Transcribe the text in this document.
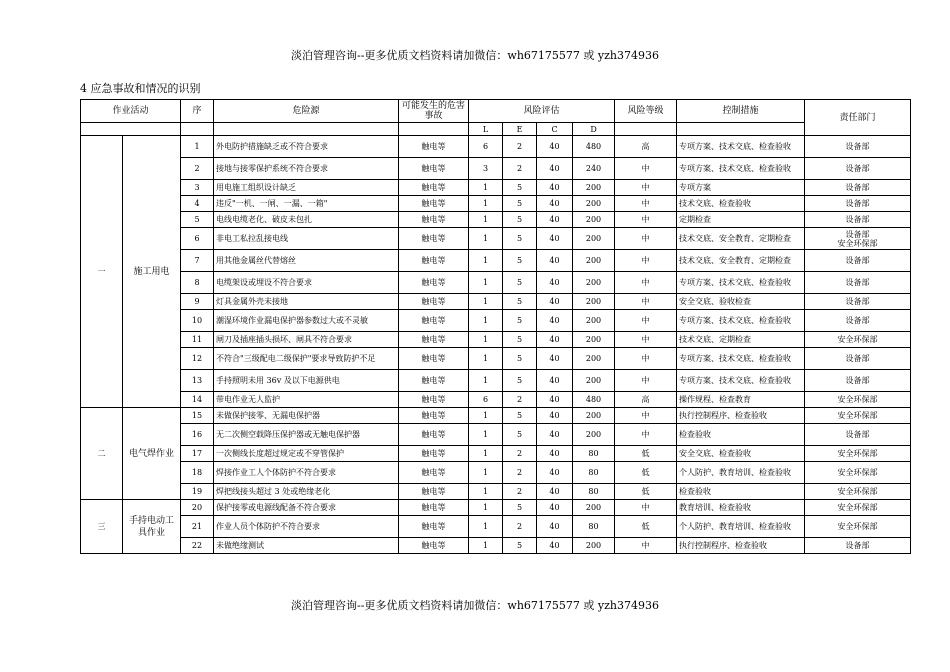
淡泊管理咨询--更多优质文档资料请加微信：wh67175577 或 yzh374936
4 应急事故和情况的识别
作业活动		序	危险源	可能发生的危害事故	风险评估				风险等级	控制措施	责任部门
					L	E	C	D			
一	施工用电	1	外电防护措施缺乏或不符合要求	触电等	6	2	40	480	高	专项方案、技术交底、检查验收	设备部
		2	接地与接零保护系统不符合要求	触电等	3	2	40	240	中	专项方案、技术交底、检查验收	设备部
		3	用电施工组织设计缺乏	触电等	1	5	40	200	中	专项方案	设备部
		4	违反"一机、一闸、一漏、一箱"	触电等	1	5	40	200	中	技术交底、检查验收	设备部
		5	电线电缆老化、破皮未包扎	触电等	1	5	40	200	中	定期检查	设备部
		6	非电工私拉乱接电线	触电等	1	5	40	200	中	技术交底、安全教育、定期检查	设备部
安全环保部
		7	用其他金属丝代替熔丝	触电等	1	5	40	200	中	技术交底、安全教育、定期检查	设备部
		8	电缆架设或埋设不符合要求	触电等	1	5	40	200	中	专项方案、技术交底、检查验收	设备部
		9	灯具金属外壳未接地	触电等	1	5	40	200	中	安全交底、验收检查	设备部
		10	潮湿环境作业漏电保护器参数过大或不灵敏	触电等	1	5	40	200	中	专项方案、技术交底、检查验收	设备部
		11	闸刀及插座插头损坏、闸具不符合要求	触电等	1	5	40	200	中	技术交底、定期检查	安全环保部
		12	不符合"三级配电二级保护"要求导致防护不足	触电等	1	5	40	200	中	专项方案、技术交底、检查验收	设备部
		13	手持照明未用 36v 及以下电源供电	触电等	1	5	40	200	中	专项方案、技术交底、检查验收	设备部
		14	带电作业无人监护	触电等	6	2	40	480	高	操作规程、检查教育	安全环保部
二	电气焊作业	15	未做保护接零、无漏电保护器	触电等	1	5	40	200	中	执行控制程序、检查验收	安全环保部
		16	无二次侧空载降压保护器或无触电保护器	触电等	1	5	40	200	中	检查验收	设备部
		17	一次侧线长度超过规定或不穿管保护	触电等	1	2	40	80	低	安全交底、检查验收	安全环保部
		18	焊接作业工人个体防护不符合要求	触电等	1	2	40	80	低	个人防护、教育培训、检查验收	安全环保部
		19	焊把线接头超过 3 处或绝缘老化	触电等	1	2	40	80	低	检查验收	安全环保部
三	手持电动工具作业	20	保护接零或电源线配备不符合要求	触电等	1	5	40	200	中	教育培训、检查验收	安全环保部
		21	作业人员个体防护不符合要求	触电等	1	2	40	80	低	个人防护、教育培训、检查验收	安全环保部
		22	未做绝缘测试	触电等	1	5	40	200	中	执行控制程序、检查验收	设备部
淡泊管理咨询--更多优质文档资料请加微信：wh67175577 或 yzh374936
